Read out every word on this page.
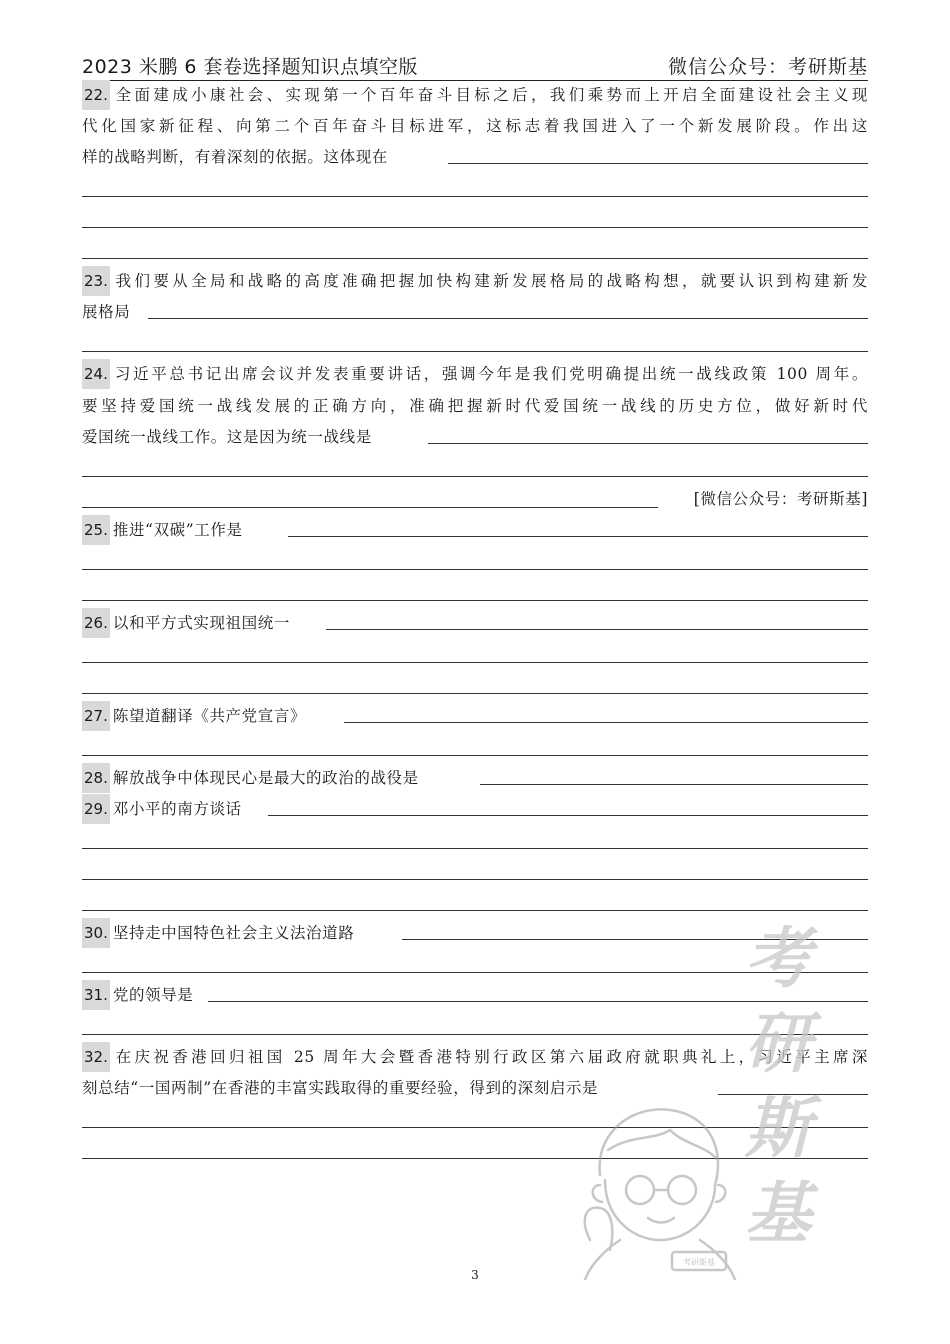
2023 米鹏 6 套卷选择题知识点填空版	微信公众号：考研斯基
22. 全面建成小康社会、实现第一个百年奋斗目标之后，我们乘势而上开启全面建设社会主义现
代化国家新征程、向第二个百年奋斗目标进军，这标志着我国进入了一个新发展阶段。作出这
样的战略判断，有着深刻的依据。这体现在
23. 我们要从全局和战略的高度准确把握加快构建新发展格局的战略构想，就要认识到构建新发
展格局
24. 习近平总书记出席会议并发表重要讲话，强调今年是我们党明确提出统一战线政策 100 周年。
要坚持爱国统一战线发展的正确方向，准确把握新时代爱国统一战线的历史方位，做好新时代
爱国统一战线工作。这是因为统一战线是
[微信公众号：考研斯基]
25. 推进“双碳”工作是
26. 以和平方式实现祖国统一
27. 陈望道翻译《共产党宣言》
28. 解放战争中体现民心是最大的政治的战役是
29. 邓小平的南方谈话
30. 坚持走中国特色社会主义法治道路
31. 党的领导是
32. 在庆祝香港回归祖国 25 周年大会暨香港特别行政区第六届政府就职典礼上，习近平主席深
刻总结“一国两制”在香港的丰富实践取得的重要经验，得到的深刻启示是
考
研
斯
基
考研斯基
3
